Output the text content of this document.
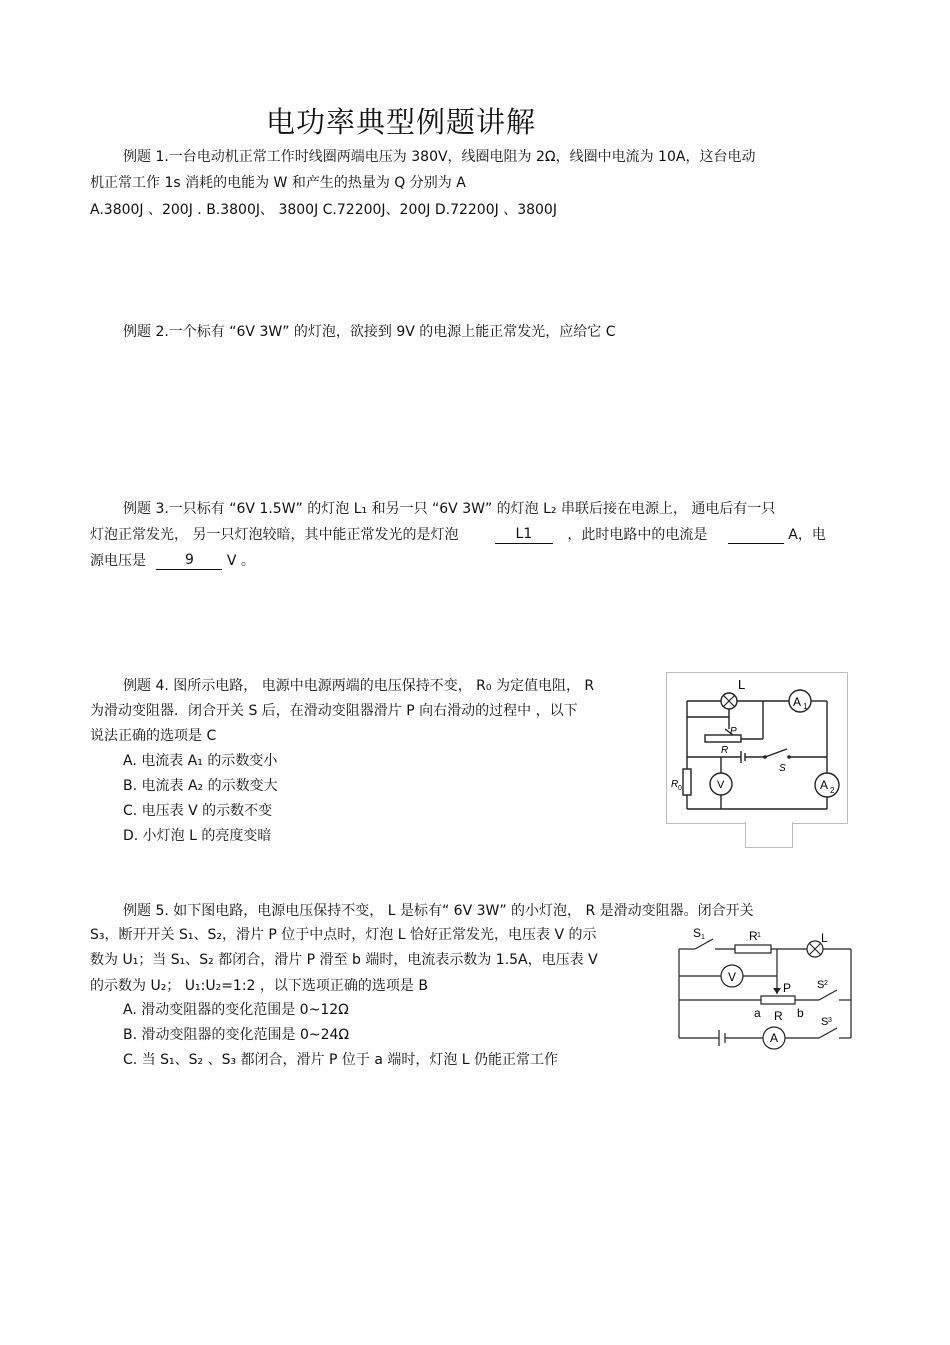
电功率典型例题讲解
例题 1.一台电动机正常工作时线圈两端电压为 380V，线圈电阻为 2Ω，线圈中电流为 10A，这台电动
机正常工作 1s 消耗的电能为 W 和产生的热量为 Q 分别为 A
A.3800J 、200J . B.3800J、 3800J C.72200J、200J D.72200J 、3800J
例题 2.一个标有 “6V 3W” 的灯泡，欲接到 9V 的电源上能正常发光，应给它 C
例题 3.一只标有 “6V 1.5W” 的灯泡 L₁ 和另一只 “6V 3W” 的灯泡 L₂ 串联后接在电源上， 通电后有一只
灯泡正常发光， 另一只灯泡较暗，其中能正常发光的是灯泡	L1	，此时电路中的电流是	A，电
源电压是	9 V 。
例题 4. 图所示电路， 电源中电源两端的电压保持不变， R₀ 为定值电阻， R
为滑动变阻器．闭合开关 S 后，在滑动变阻器滑片 P 向右滑动的过程中 ，以下
说法正确的选项是 C
A. 电流表 A₁ 的示数变小
B. 电流表 A₂ 的示数变大
C. 电压表 V 的示数不变
D. 小灯泡 L 的亮度变暗
L
A 1
P
R
S
R 0	V	A 2
例题 5. 如下图电路，电源电压保持不变， L 是标有“ 6V 3W” 的小灯泡， R 是滑动变阻器。闭合开关
S₃，断开开关 S₁、S₂，滑片 P 位于中点时，灯泡 L 恰好正常发光，电压表 V 的示
数为 U₁；当 S₁、S₂ 都闭合，滑片 P 滑至 b 端时，电流表示数为 1.5A，电压表 V
的示数为 U₂； U₁:U₂=1:2 ，以下选项正确的选项是 B
A. 滑动变阻器的变化范围是 0~12Ω
B. 滑动变阻器的变化范围是 0~24Ω
C. 当 S₁、S₂ 、S₃ 都闭合，滑片 P 位于 a 端时，灯泡 L 仍能正常工作
S 1	R 1	L
V
P S 2
a R b
S 3
A
